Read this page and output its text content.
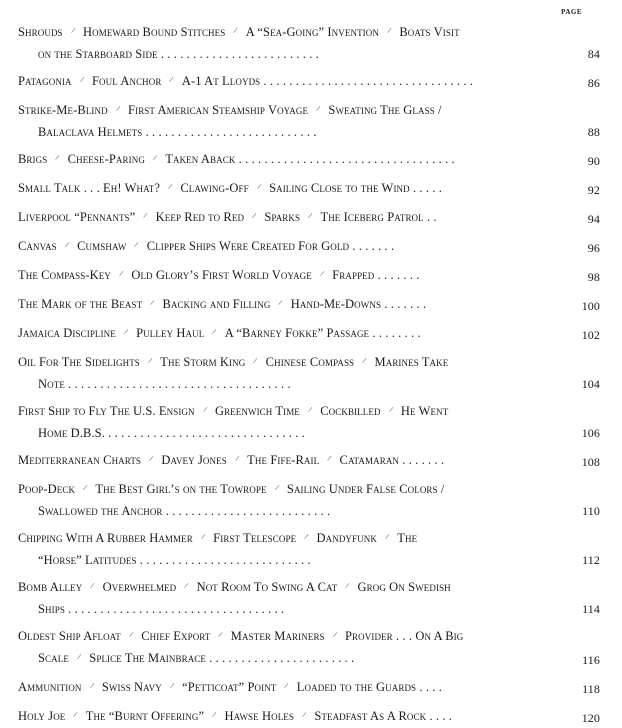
PAGE
Shrouds / Homeward Bound Stitches / A “Sea-Going” Invention / Boats Visit
on the Starboard Side . . . . . . . . . . . . . . . . . . . . . . . . .	84
Patagonia / Foul Anchor / A-1 At Lloyds . . . . . . . . . . . . . . . . . . . . . . . . . . . . . . . . .	86
Strike-Me-Blind / First American Steamship Voyage / Sweating The Glass /
Balaclava Helmets . . . . . . . . . . . . . . . . . . . . . . . . . . .	88
Brigs / Cheese-Paring / Taken Aback . . . . . . . . . . . . . . . . . . . . . . . . . . . . . . . . . .	90
Small Talk . . . Eh! What? / Clawing-Off / Sailing Close to the Wind . . . . .	92
Liverpool “Pennants” / Keep Red to Red / Sparks / The Iceberg Patrol . .	94
Canvas / Cumshaw / Clipper Ships Were Created For Gold . . . . . . .	96
The Compass-Key / Old Glory’s First World Voyage / Frapped . . . . . . .	98
The Mark of the Beast / Backing and Filling / Hand-Me-Downs . . . . . . .	100
Jamaica Discipline / Pulley Haul / A “Barney Fokke” Passage . . . . . . . .	102
Oil For The Sidelights / The Storm King / Chinese Compass / Marines Take
Note . . . . . . . . . . . . . . . . . . . . . . . . . . . . . . . . . . .	104
First Ship to Fly The U.S. Ensign / Greenwich Time / Cockbilled / He Went
Home D.B.S. . . . . . . . . . . . . . . . . . . . . . . . . . . . . . . .	106
Mediterranean Charts / Davey Jones / The Fife-Rail / Catamaran . . . . . . .	108
Poop-Deck / The Best Girl’s on the Towrope / Sailing Under False Colors /
Swallowed the Anchor . . . . . . . . . . . . . . . . . . . . . . . . . .	110
Chipping With A Rubber Hammer / First Telescope / Dandyfunk / The
“Horse” Latitudes . . . . . . . . . . . . . . . . . . . . . . . . . . .	112
Bomb Alley / Overwhelmed / Not Room To Swing A Cat / Grog On Swedish
Ships . . . . . . . . . . . . . . . . . . . . . . . . . . . . . . . . . .	114
Oldest Ship Afloat / Chief Export / Master Mariners / Provider . . . On A Big
Scale / Splice The Mainbrace . . . . . . . . . . . . . . . . . . . . . . .	116
Ammunition / Swiss Navy / “Petticoat” Point / Loaded to the Guards . . . .	118
Holy Joe / The “Burnt Offering” / Hawse Holes / Steadfast As A Rock . . . .	120
